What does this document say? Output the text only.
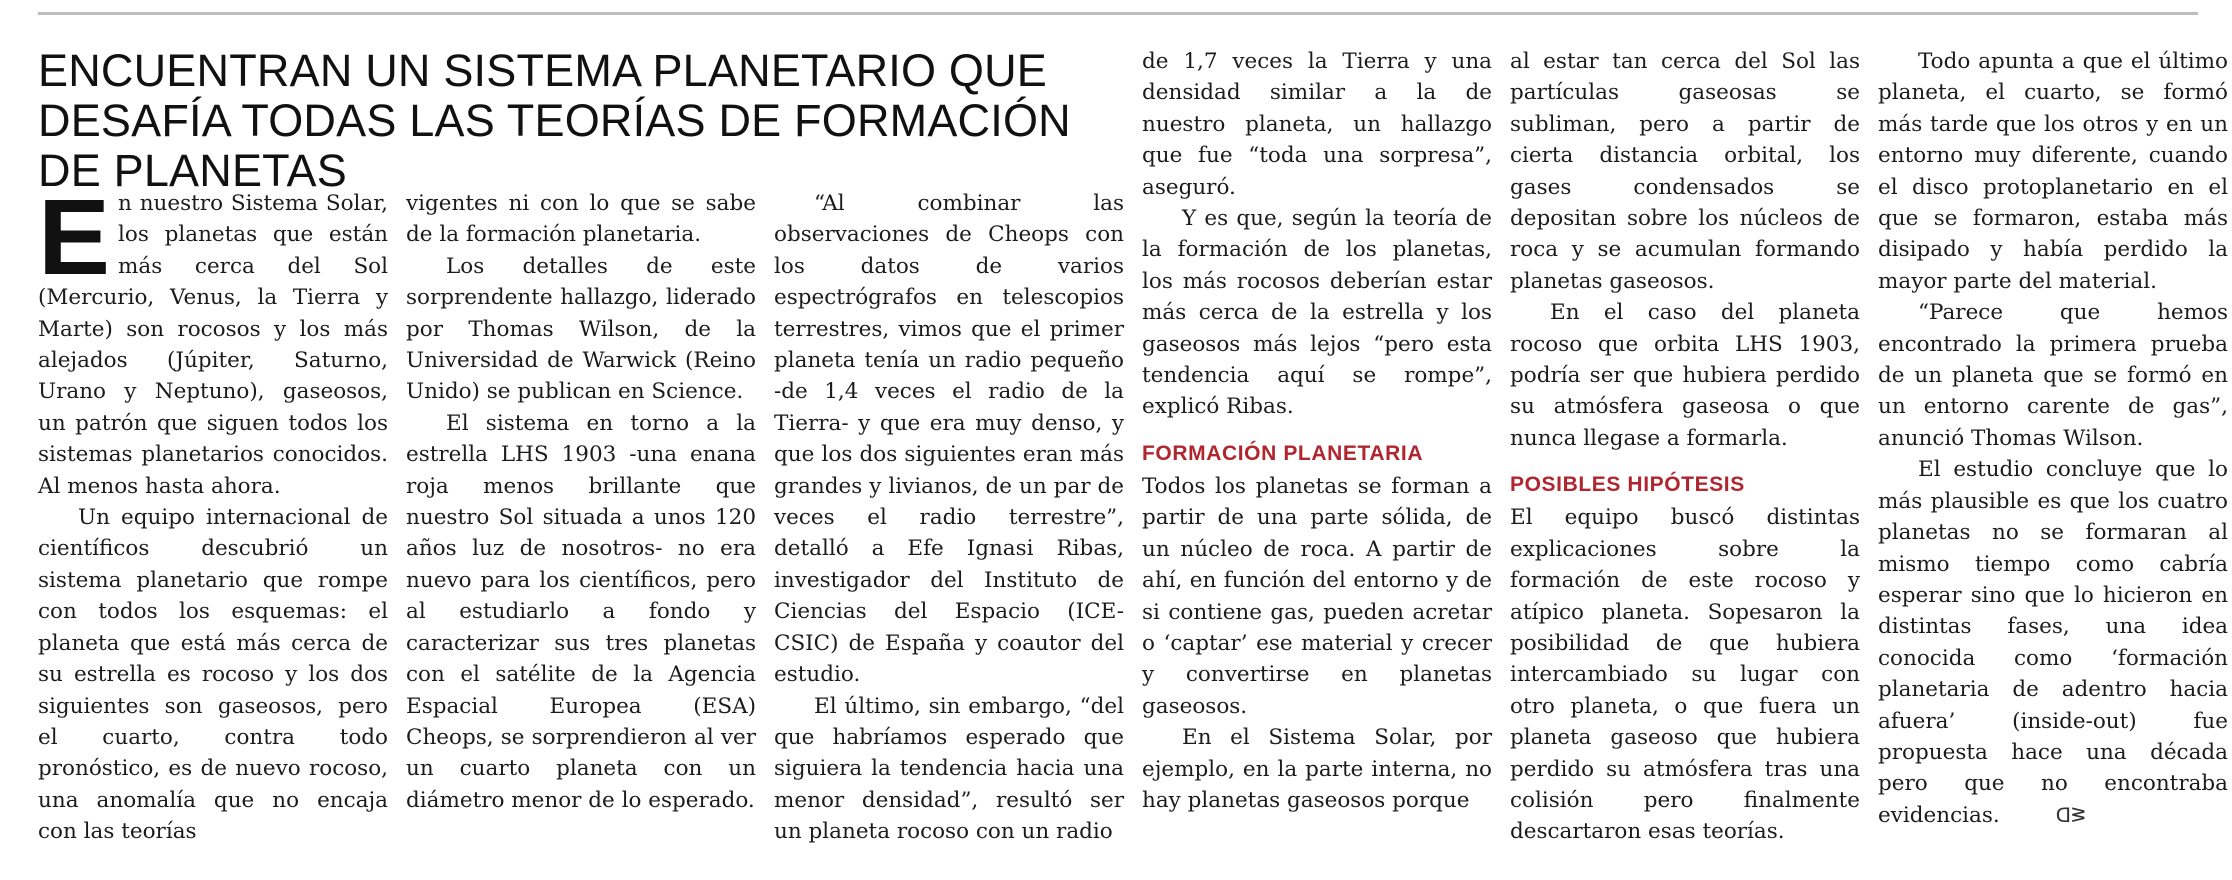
ENCUENTRAN UN SISTEMA PLANETARIO QUE DESAFÍA TODAS LAS TEORÍAS DE FORMACIÓN DE PLANETAS

En nuestro Sistema Solar, los planetas que están más cerca del Sol (Mercurio, Venus, la Tierra y Marte) son rocosos y los más alejados (Júpiter, Saturno, Urano y Neptuno), gaseosos, un patrón que siguen todos los sistemas planetarios conocidos. Al menos hasta ahora.

Un equipo internacional de científicos descubrió un sistema planetario que rompe con todos los esquemas: el planeta que está más cerca de su estrella es rocoso y los dos siguientes son gaseosos, pero el cuarto, contra todo pronóstico, es de nuevo rocoso, una anomalía que no encaja con las teorías

vigentes ni con lo que se sabe de la formación planetaria.

Los detalles de este sorprendente hallazgo, liderado por Thomas Wilson, de la Universidad de Warwick (Reino Unido) se publican en Science.

El sistema en torno a la estrella LHS 1903 -una enana roja menos brillante que nuestro Sol situada a unos 120 años luz de nosotros- no era nuevo para los científicos, pero al estudiarlo a fondo y caracterizar sus tres planetas con el satélite de la Agencia Espacial Europea (ESA) Cheops, se sorprendieron al ver un cuarto planeta con un diámetro menor de lo esperado.

“Al combinar las observaciones de Cheops con los datos de varios espectrógrafos en telescopios terrestres, vimos que el primer planeta tenía un radio pequeño -de 1,4 veces el radio de la Tierra- y que era muy denso, y que los dos siguientes eran más grandes y livianos, de un par de veces el radio terrestre”, detalló a Efe Ignasi Ribas, investigador del Instituto de Ciencias del Espacio (ICE-CSIC) de España y coautor del estudio.

El último, sin embargo, “del que habríamos esperado que siguiera la tendencia hacia una menor densidad”, resultó ser un planeta rocoso con un radio

de 1,7 veces la Tierra y una densidad similar a la de nuestro planeta, un hallazgo que fue “toda una sorpresa”, aseguró.

Y es que, según la teoría de la formación de los planetas, los más rocosos deberían estar más cerca de la estrella y los gaseosos más lejos “pero esta tendencia aquí se rompe”, explicó Ribas.

FORMACIÓN PLANETARIA

Todos los planetas se forman a partir de una parte sólida, de un núcleo de roca. A partir de ahí, en función del entorno y de si contiene gas, pueden acretar o ‘captar’ ese material y crecer y convertirse en planetas gaseosos.

En el Sistema Solar, por ejemplo, en la parte interna, no hay planetas gaseosos porque

al estar tan cerca del Sol las partículas gaseosas se subliman, pero a partir de cierta distancia orbital, los gases condensados se depositan sobre los núcleos de roca y se acumulan formando planetas gaseosos.

En el caso del planeta rocoso que orbita LHS 1903, podría ser que hubiera perdido su atmósfera gaseosa o que nunca llegase a formarla.

POSIBLES HIPÓTESIS

El equipo buscó distintas explicaciones sobre la formación de este rocoso y atípico planeta. Sopesaron la posibilidad de que hubiera intercambiado su lugar con otro planeta, o que fuera un planeta gaseoso que hubiera perdido su atmósfera tras una colisión pero finalmente descartaron esas teorías.

Todo apunta a que el último planeta, el cuarto, se formó más tarde que los otros y en un entorno muy diferente, cuando el disco protoplanetario en el que se formaron, estaba más disipado y había perdido la mayor parte del material.

“Parece que hemos encontrado la primera prueba de un planeta que se formó en un entorno carente de gas”, anunció Thomas Wilson.

El estudio concluye que lo más plausible es que los cuatro planetas no se formaran al mismo tiempo como cabría esperar sino que lo hicieron en distintas fases, una idea conocida como ‘formación planetaria de adentro hacia afuera’ (inside-out) fue propuesta hace una década pero que no encontraba evidencias.	ᗡᕒ
